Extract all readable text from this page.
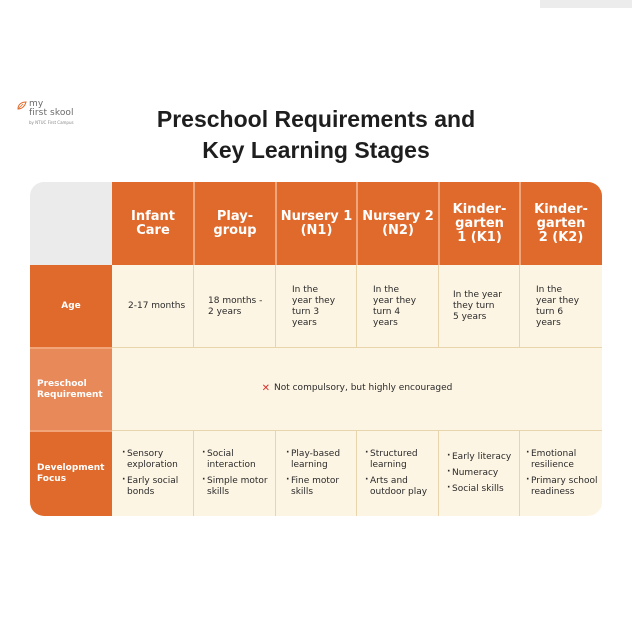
my
first skool
by NTUC First Campus	Preschool Requirements and
Key Learning Stages
Infant Care
Play-group
Nursery 1 (N1)
Nursery 2 (N2)
Kinder-garten 1 (K1)
Kinder-garten 2 (K2)
Age
Preschool Requirement
Development Focus
2-17 months
18 months - 2 years
In the year they turn 3 years
In the year they turn 4 years
In the year they turn 5 years
In the year they turn 6 years
✕ Not compulsory, but highly encouraged
· Sensory exploration
· Early social bonds
· Social interaction
· Simple motor skills
· Play-based learning
· Fine motor skills
· Structured learning
· Arts and outdoor play
· Early literacy
· Numeracy
· Social skills
· Emotional resilience
· Primary school readiness
